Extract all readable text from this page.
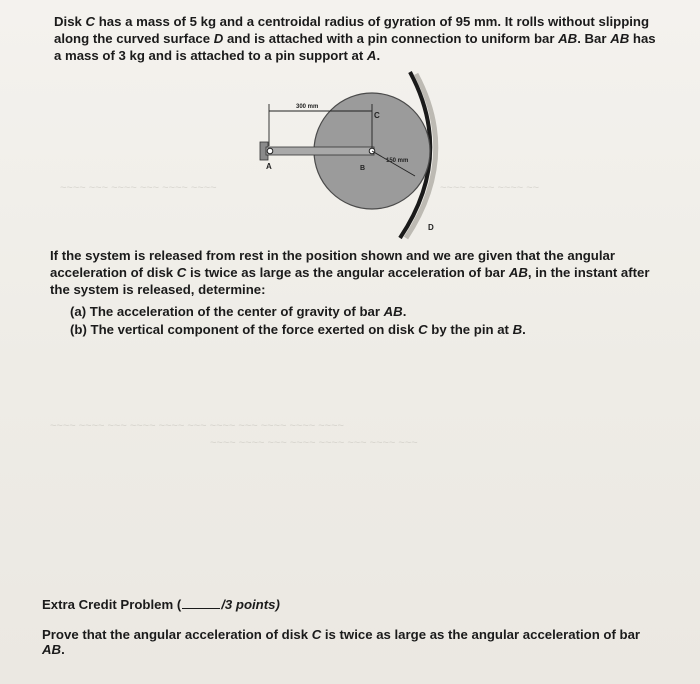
Disk C has a mass of 5 kg and a centroidal radius of gyration of 95 mm. It rolls without slipping along the curved surface D and is attached with a pin connection to uniform bar AB. Bar AB has a mass of 3 kg and is attached to a pin support at A.

~~~~ ~~~ ~~~~ ~~~ ~~~~ ~~~~	~~~~ ~~~~ ~~~~ ~~
~~~~ ~~~~ ~~~ ~~~~ ~~~~ ~~~ ~~~~ ~~~ ~~~~ ~~~~ ~~~~
~~~~ ~~~~ ~~~ ~~~~ ~~~~ ~~~ ~~~~ ~~~
300 mm
150 mm
A	B
C
D

If the system is released from rest in the position shown and we are given that the angular acceleration of disk C is twice as large as the angular acceleration of bar AB, in the instant after the system is released, determine:

(a) The acceleration of the center of gravity of bar AB.
(b) The vertical component of the force exerted on disk C by the pin at B.

Extra Credit Problem (	/3 points)

Prove that the angular acceleration of disk C is twice as large as the angular acceleration of bar AB.
